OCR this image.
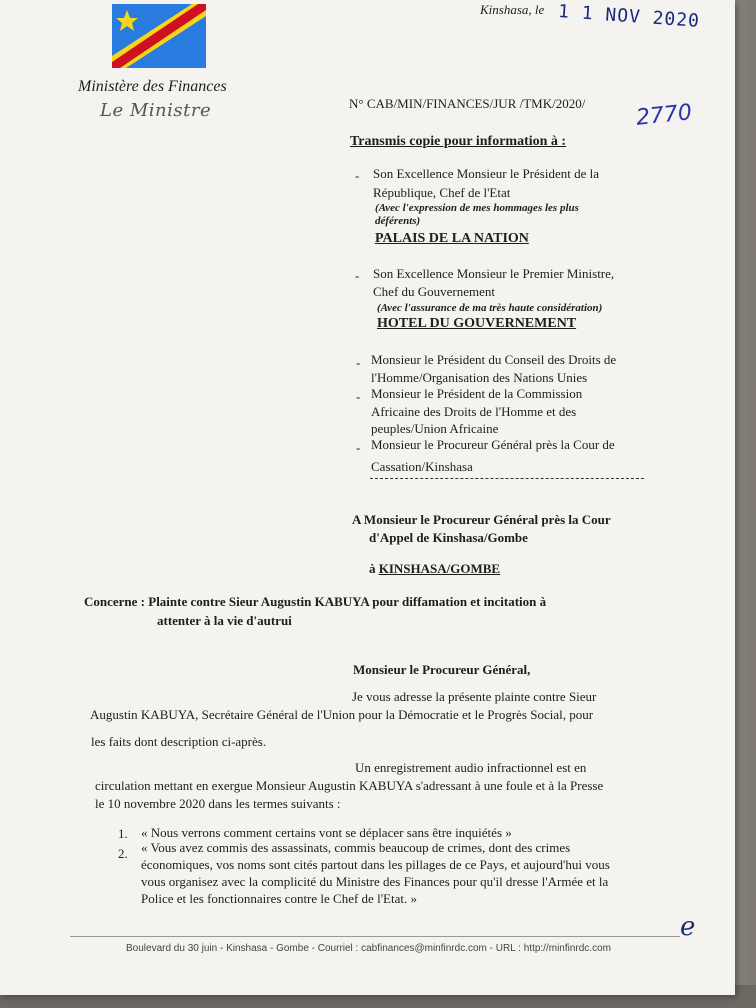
Ministère des Finances
Le Ministre
Kinshasa, le 1 1 NOV 2020
N° CAB/MIN/FINANCES/JUR /TMK/2020/ 2770
Transmis copie pour information à :
- Son Excellence Monsieur le Président de la
République, Chef de l'Etat
(Avec l'expression de mes hommages les plus
déférents)
PALAIS DE LA NATION
- Son Excellence Monsieur le Premier Ministre,
Chef du Gouvernement
(Avec l'assurance de ma très haute considération)
HOTEL DU GOUVERNEMENT
- Monsieur le Président du Conseil des Droits de
l'Homme/Organisation des Nations Unies
- Monsieur le Président de la Commission
Africaine des Droits de l'Homme et des
peuples/Union Africaine
- Monsieur le Procureur Général près la Cour de
Cassation/Kinshasa
A Monsieur le Procureur Général près la Cour
d'Appel de Kinshasa/Gombe
à KINSHASA/GOMBE
Concerne : Plainte contre Sieur Augustin KABUYA pour diffamation et incitation à
attenter à la vie d'autrui
Monsieur le Procureur Général,
Je vous adresse la présente plainte contre Sieur
Augustin KABUYA, Secrétaire Général de l'Union pour la Démocratie et le Progrès Social, pour
les faits dont description ci-après.
Un enregistrement audio infractionnel est en
circulation mettant en exergue Monsieur Augustin KABUYA s'adressant à une foule et à la Presse
le 10 novembre 2020 dans les termes suivants :
1. « Nous verrons comment certains vont se déplacer sans être inquiétés »
2. « Vous avez commis des assassinats, commis beaucoup de crimes, dont des crimes
économiques, vos noms sont cités partout dans les pillages de ce Pays, et aujourd'hui vous
vous organisez avec la complicité du Ministre des Finances pour qu'il dresse l'Armée et la
Police et les fonctionnaires contre le Chef de l'Etat. »
e
Boulevard du 30 juin - Kinshasa - Gombe - Courriel : cabfinances@minfinrdc.com - URL : http://minfinrdc.com
